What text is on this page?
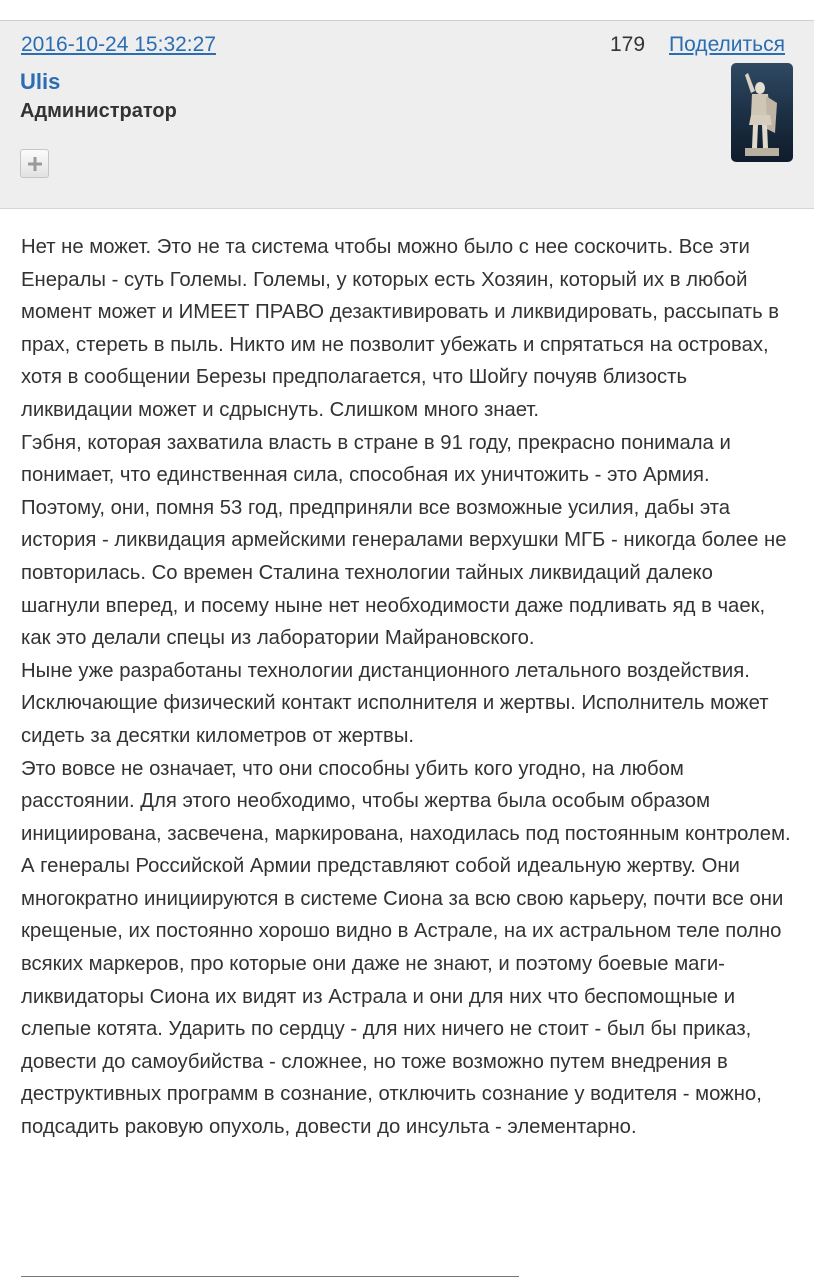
2016-10-24 15:32:27	179 Поделиться
Ulis
Администратор

Нет не может. Это не та система чтобы можно было с нее соскочить. Все эти Енералы - суть Големы. Големы, у которых есть Хозяин, который их в любой момент может и ИМЕЕТ ПРАВО дезактивировать и ликвидировать, рассыпать в прах, стереть в пыль. Никто им не позволит убежать и спрятаться на островах, хотя в сообщении Березы предполагается, что Шойгу почуяв близость ликвидации может и сдрыснуть. Слишком много знает.

Гэбня, которая захватила власть в стране в 91 году, прекрасно понимала и понимает, что единственная сила, способная их уничтожить - это Армия. Поэтому, они, помня 53 год, предприняли все возможные усилия, дабы эта история - ликвидация армейскими генералами верхушки МГБ - никогда более не повторилась. Со времен Сталина технологии тайных ликвидаций далеко шагнули вперед, и посему ныне нет необходимости даже подливать яд в чаек, как это делали спецы из лаборатории Майрановского.

Ныне уже разработаны технологии дистанционного летального воздействия. Исключающие физический контакт исполнителя и жертвы. Исполнитель может сидеть за десятки километров от жертвы.

Это вовсе не означает, что они способны убить кого угодно, на любом расстоянии. Для этого необходимо, чтобы жертва была особым образом инициирована, засвечена, маркирована, находилась под постоянным контролем. А генералы Российской Армии представляют собой идеальную жертву. Они многократно инициируются в системе Сиона за всю свою карьеру, почти все они крещеные, их постоянно хорошо видно в Астрале, на их астральном теле полно всяких маркеров, про которые они даже не знают, и поэтому боевые маги- ликвидаторы Сиона их видят из Астрала и они для них что беспомощные и слепые котята. Ударить по сердцу - для них ничего не стоит - был бы приказ, довести до самоубийства - сложнее, но тоже возможно путем внедрения в деструктивных программ в сознание, отключить сознание у водителя - можно, подсадить раковую опухоль, довести до инсульта - элементарно.
